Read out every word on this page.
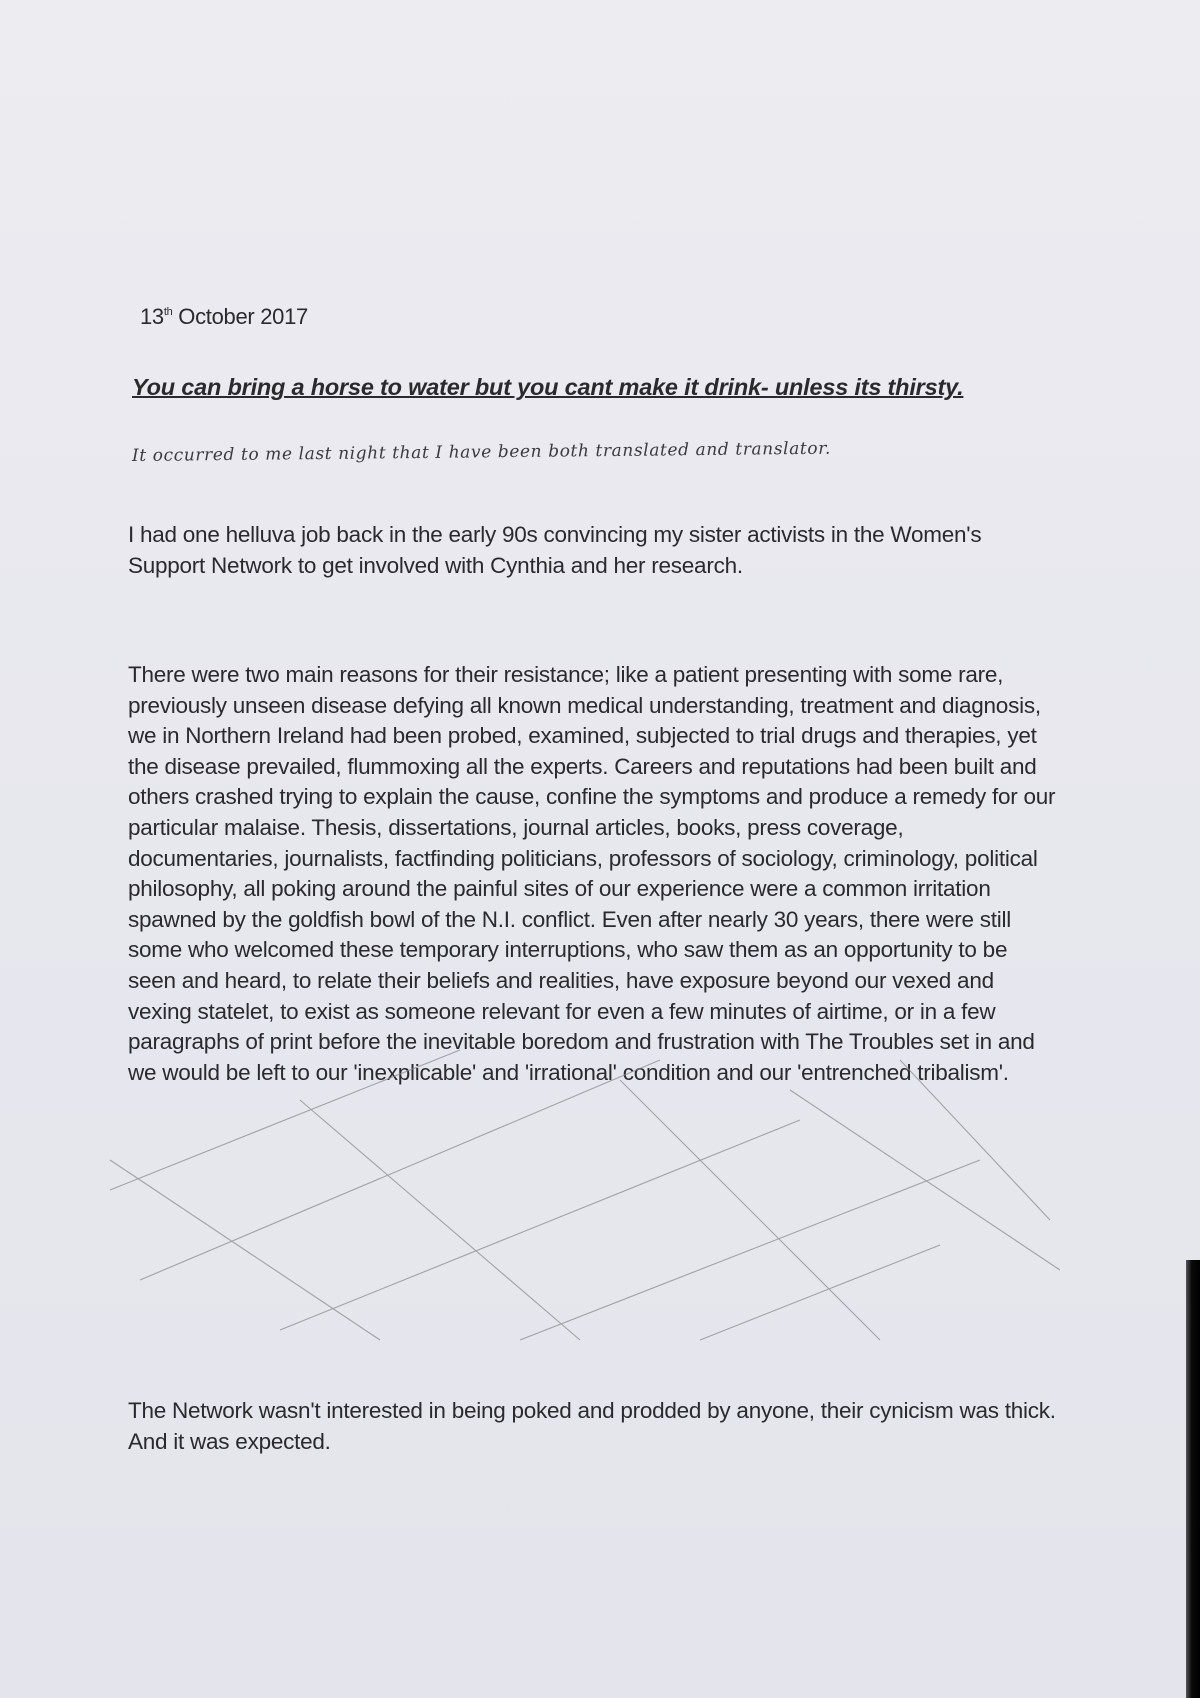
13th October 2017
You can bring a horse to water but you cant make it drink- unless its thirsty.
It occurred to me last night that I have been both translated and translator.

I had one helluva job back in the early 90s convincing my sister activists in the Women's Support Network to get involved with Cynthia and her research.

There were two main reasons for their resistance; like a patient presenting with some rare, previously unseen disease defying all known medical understanding, treatment and diagnosis, we in Northern Ireland had been probed, examined, subjected to trial drugs and therapies, yet the disease prevailed, flummoxing all the experts. Careers and reputations had been built and others crashed trying to explain the cause, confine the symptoms and produce a remedy for our particular malaise. Thesis, dissertations, journal articles, books, press coverage, documentaries, journalists, factfinding politicians, professors of sociology, criminology, political philosophy, all poking around the painful sites of our experience were a common irritation spawned by the goldfish bowl of the N.I. conflict. Even after nearly 30 years, there were still some who welcomed these temporary interruptions, who saw them as an opportunity to be seen and heard, to relate their beliefs and realities, have exposure beyond our vexed and vexing statelet, to exist as someone relevant for even a few minutes of airtime, or in a few paragraphs of print before the inevitable boredom and frustration with The Troubles set in and we would be left to our 'inexplicable' and 'irrational' condition and our 'entrenched tribalism'.

The Network wasn't interested in being poked and prodded by anyone, their cynicism was thick. And it was expected.
